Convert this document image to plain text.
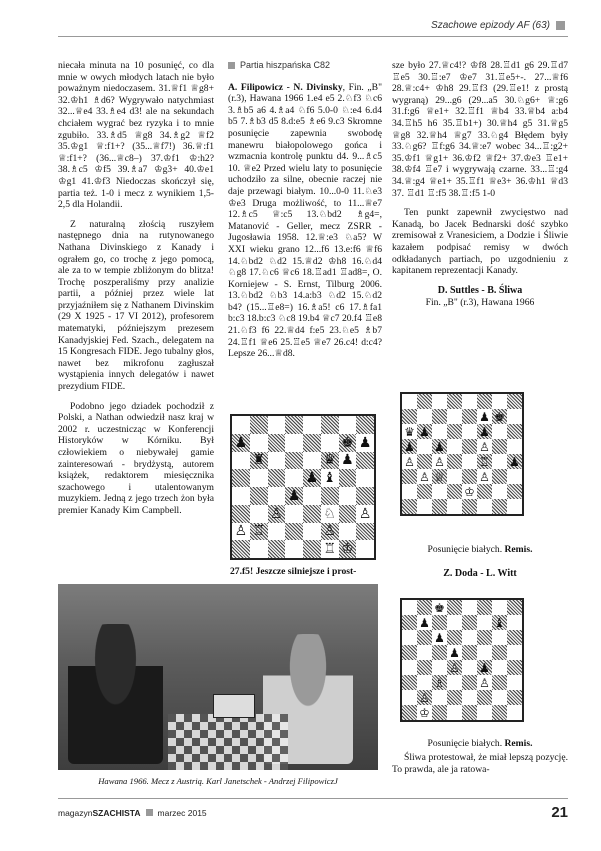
Szachowe epizody AF (63)

niecała minuta na 10 posunięć, co dla mnie w owych młodych latach nie było poważnym niedoczasem. 31.♕f1 ♕g8+ 32.♔h1 ♗d6? Wygrywało natychmiast 32...♕e4 33.♗e4 d3! ale na sekundach chciałem wygrać bez ryzyka i to mnie zgubiło. 33.♗d5 ♕g8 34.♗g2 ♕f2 35.♔g1 ♕:f1+? (35...♕f7!) 36.♕:f1 ♕:f1+? (36...♕c8–) 37.♔f1 ♔:h2? 38.♗c5 ♔f5 39.♗a7 ♔g3+ 40.♔e1 ♔g1 41.♔f3 Niedoczas skończył się, partia też. 1-0 i mecz z wynikiem 1,5-2,5 dla Holandii.

Z naturalną złością ruszyłem następnego dnia na rutynowanego Nathana Divinskiego z Kanady i ograłem go, co trochę z jego pomocą, ale za to w tempie zbliżonym do blitza! Trochę poszperaliśmy przy analizie partii, a później przez wiele lat przyjaźniłem się z Nathanem Divinskim (29 X 1925 - 17 VI 2012), profesorem matematyki, późniejszym prezesem Kanadyjskiej Fed. Szach., delegatem na 15 Kongresach FIDE. Jego tubalny głos, nawet bez mikrofonu zagłuszał wystąpienia innych delegatów i nawet prezydium FIDE.

Podobno jego dziadek pochodził z Polski, a Nathan odwiedził nasz kraj w 2002 r. uczestnicząc w Konferencji Historyków w Kórniku. Był człowiekiem o niebywałej gamie zainteresowań - brydżystą, autorem książek, redaktorem miesięcznika szachowego i utalentowanym muzykiem. Jedną z jego trzech żon była premier Kanady Kim Campbell.

Partia hiszpańska C82

A. Filipowicz - N. Divinsky, Fin. „B" (r.3), Hawana 1966 1.e4 e5 2.♘f3 ♘c6 3.♗b5 a6 4.♗a4 ♘f6 5.0-0 ♘:e4 6.d4 b5 7.♗b3 d5 8.d:e5 ♗e6 9.c3 Skromne posunięcie zapewnia swobodę manewru białopolowego gońca i wzmacnia kontrolę punktu d4. 9...♗c5 10. ♕e2 Przed wielu laty to posunięcie uchodziło za silne, obecnie raczej nie daje przewagi białym. 10...0-0 11.♘e3 ♔e3 Druga możliwość, to 11...♕e7 12.♗c5 ♕:c5 13.♘bd2 ♗g4=, Matanović - Geller, mecz ZSRR - Jugosławia 1958. 12.♕:e3 ♘a5? W XXI wieku grano 12...f6 13.e:f6 ♕f6 14.♘bd2 ♘d2 15.♕d2 ♔h8 16.♘d4 ♘g8 17.♘c6 ♕c6 18.♖ad1 ♖ad8=, O. Korniejew - S. Ernst, Tilburg 2006. 13.♘bd2 ♘b3 14.a:b3 ♘d2 15.♘d2 b4? (15...♖e8=) 16.♗a5! c6 17.♗fa1 b:c3 18.b:c3 ♘c8 19.b4 ♕c7 20.f4 ♖e8 21.♘f3 f6 22.♕d4 f:e5 23.♘e5 ♗b7 24.♖f1 ♕e6 25.♖e5 ♕e7 26.c4! d:c4? Lepsze 26...♕d8.

♟	♚ ♟
♜	♛ ♟
♟ ♝
♟
♙	♘ ♙
♙ ♖	♙
♖ ♔
27.f5! Jeszcze silniejsze i prost-

sze było 27.♕c4!? ♔f8 28.♖d1 g6 29.♖d7 ♖e5 30.♖:e7 ♔e7 31.♖e5+-. 27...♕f6 28.♕:c4+ ♔h8 29.♖f3 (29.♖e1! z prostą wygraną) 29...g6 (29...a5 30.♘g6+ ♕:g6 31.f:g6 ♕e1+ 32.♖f1 ♕b4 33.♕b4 a:b4 34.♖h5 h6 35.♖b1+) 30.♕h4 g5 31.♕g5 ♕g8 32.♕h4 ♕g7 33.♘g4 Błędem były 33.♘g6? ♖f:g6 34.♕:e7 wobec 34...♖:g2+ 35.♔f1 ♕g1+ 36.♔f2 ♕f2+ 37.♔e3 ♖e1+ 38.♔f4 ♖e7 i wygrywają czarne. 33...♖:g4 34.♕:g4 ♕e1+ 35.♖f1 ♕e3+ 36.♔h1 ♕d3 37. ♖d1 ♖:f5 38.♖:f5 1-0

Ten punkt zapewnił zwycięstwo nad Kanadą, bo Jacek Bednarski dość szybko zremisował z Vranesiciem, a Dodzie i Śliwie kazałem podpisać remisy w dwóch odkładanych partiach, po uzgodnieniu z kapitanem reprezentacji Kanady.

D. Suttles - B. Śliwa
Fin. „B" (r.3), Hawana 1966
♟ ♚
♛ ♟	♟
♟ ♟	♙
♙ ♙	♖ ♟
♙ ♕	♙
♔
Posunięcie białych. Remis.
Z. Doda - L. Witt
♚
♟	♝
♟
♟
♙ ♟
♗	♙
♙
♔
Posunięcie białych. Remis.
Śliwa protestował, że miał lepszą pozycję. To prawda, ale ja ratowa-
Hawana 1966. Mecz z Austrią. Karl Janetschek - Andrzej FilipowiczJ
magazyn SZACHISTA marzec 2015	21
